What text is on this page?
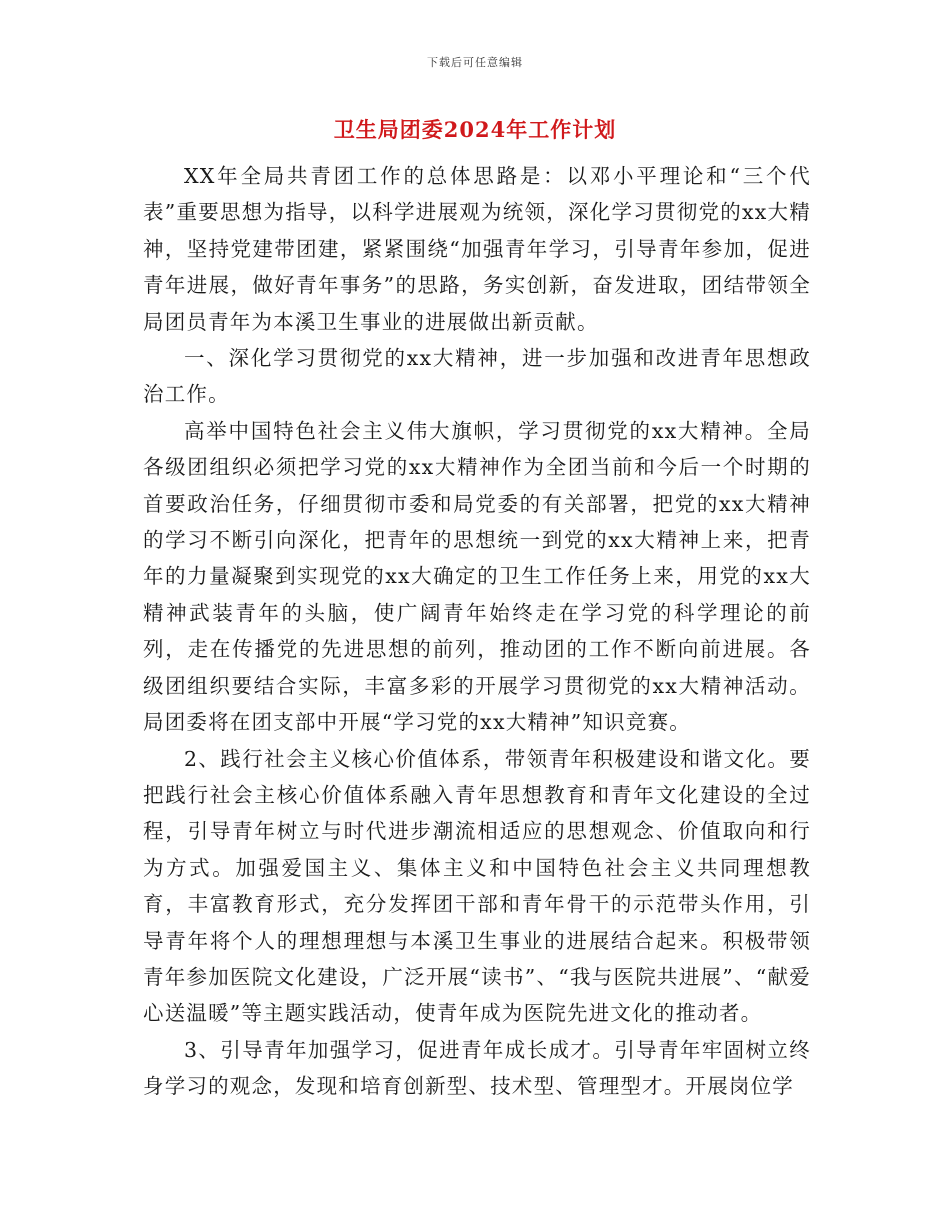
下载后可任意编辑
卫生局团委2024年工作计划

XX年全局共青团工作的总体思路是：以邓小平理论和“三个代表”重要思想为指导，以科学进展观为统领，深化学习贯彻党的xx大精神，坚持党建带团建，紧紧围绕“加强青年学习，引导青年参加，促进青年进展，做好青年事务”的思路，务实创新，奋发进取，团结带领全局团员青年为本溪卫生事业的进展做出新贡献。

一、深化学习贯彻党的xx大精神，进一步加强和改进青年思想政治工作。

高举中国特色社会主义伟大旗帜，学习贯彻党的xx大精神。全局各级团组织必须把学习党的xx大精神作为全团当前和今后一个时期的首要政治任务，仔细贯彻市委和局党委的有关部署，把党的xx大精神的学习不断引向深化，把青年的思想统一到党的xx大精神上来，把青年的力量凝聚到实现党的xx大确定的卫生工作任务上来，用党的xx大精神武装青年的头脑，使广阔青年始终走在学习党的科学理论的前列，走在传播党的先进思想的前列，推动团的工作不断向前进展。各级团组织要结合实际，丰富多彩的开展学习贯彻党的xx大精神活动。局团委将在团支部中开展“学习党的xx大精神”知识竞赛。

2、践行社会主义核心价值体系，带领青年积极建设和谐文化。要把践行社会主核心价值体系融入青年思想教育和青年文化建设的全过程，引导青年树立与时代进步潮流相适应的思想观念、价值取向和行为方式。加强爱国主义、集体主义和中国特色社会主义共同理想教育，丰富教育形式，充分发挥团干部和青年骨干的示范带头作用，引导青年将个人的理想理想与本溪卫生事业的进展结合起来。积极带领青年参加医院文化建设，广泛开展“读书”、“我与医院共进展”、“献爱心送温暖”等主题实践活动，使青年成为医院先进文化的推动者。

3、引导青年加强学习，促进青年成长成才。引导青年牢固树立终身学习的观念，发现和培育创新型、技术型、管理型才。开展岗位学
